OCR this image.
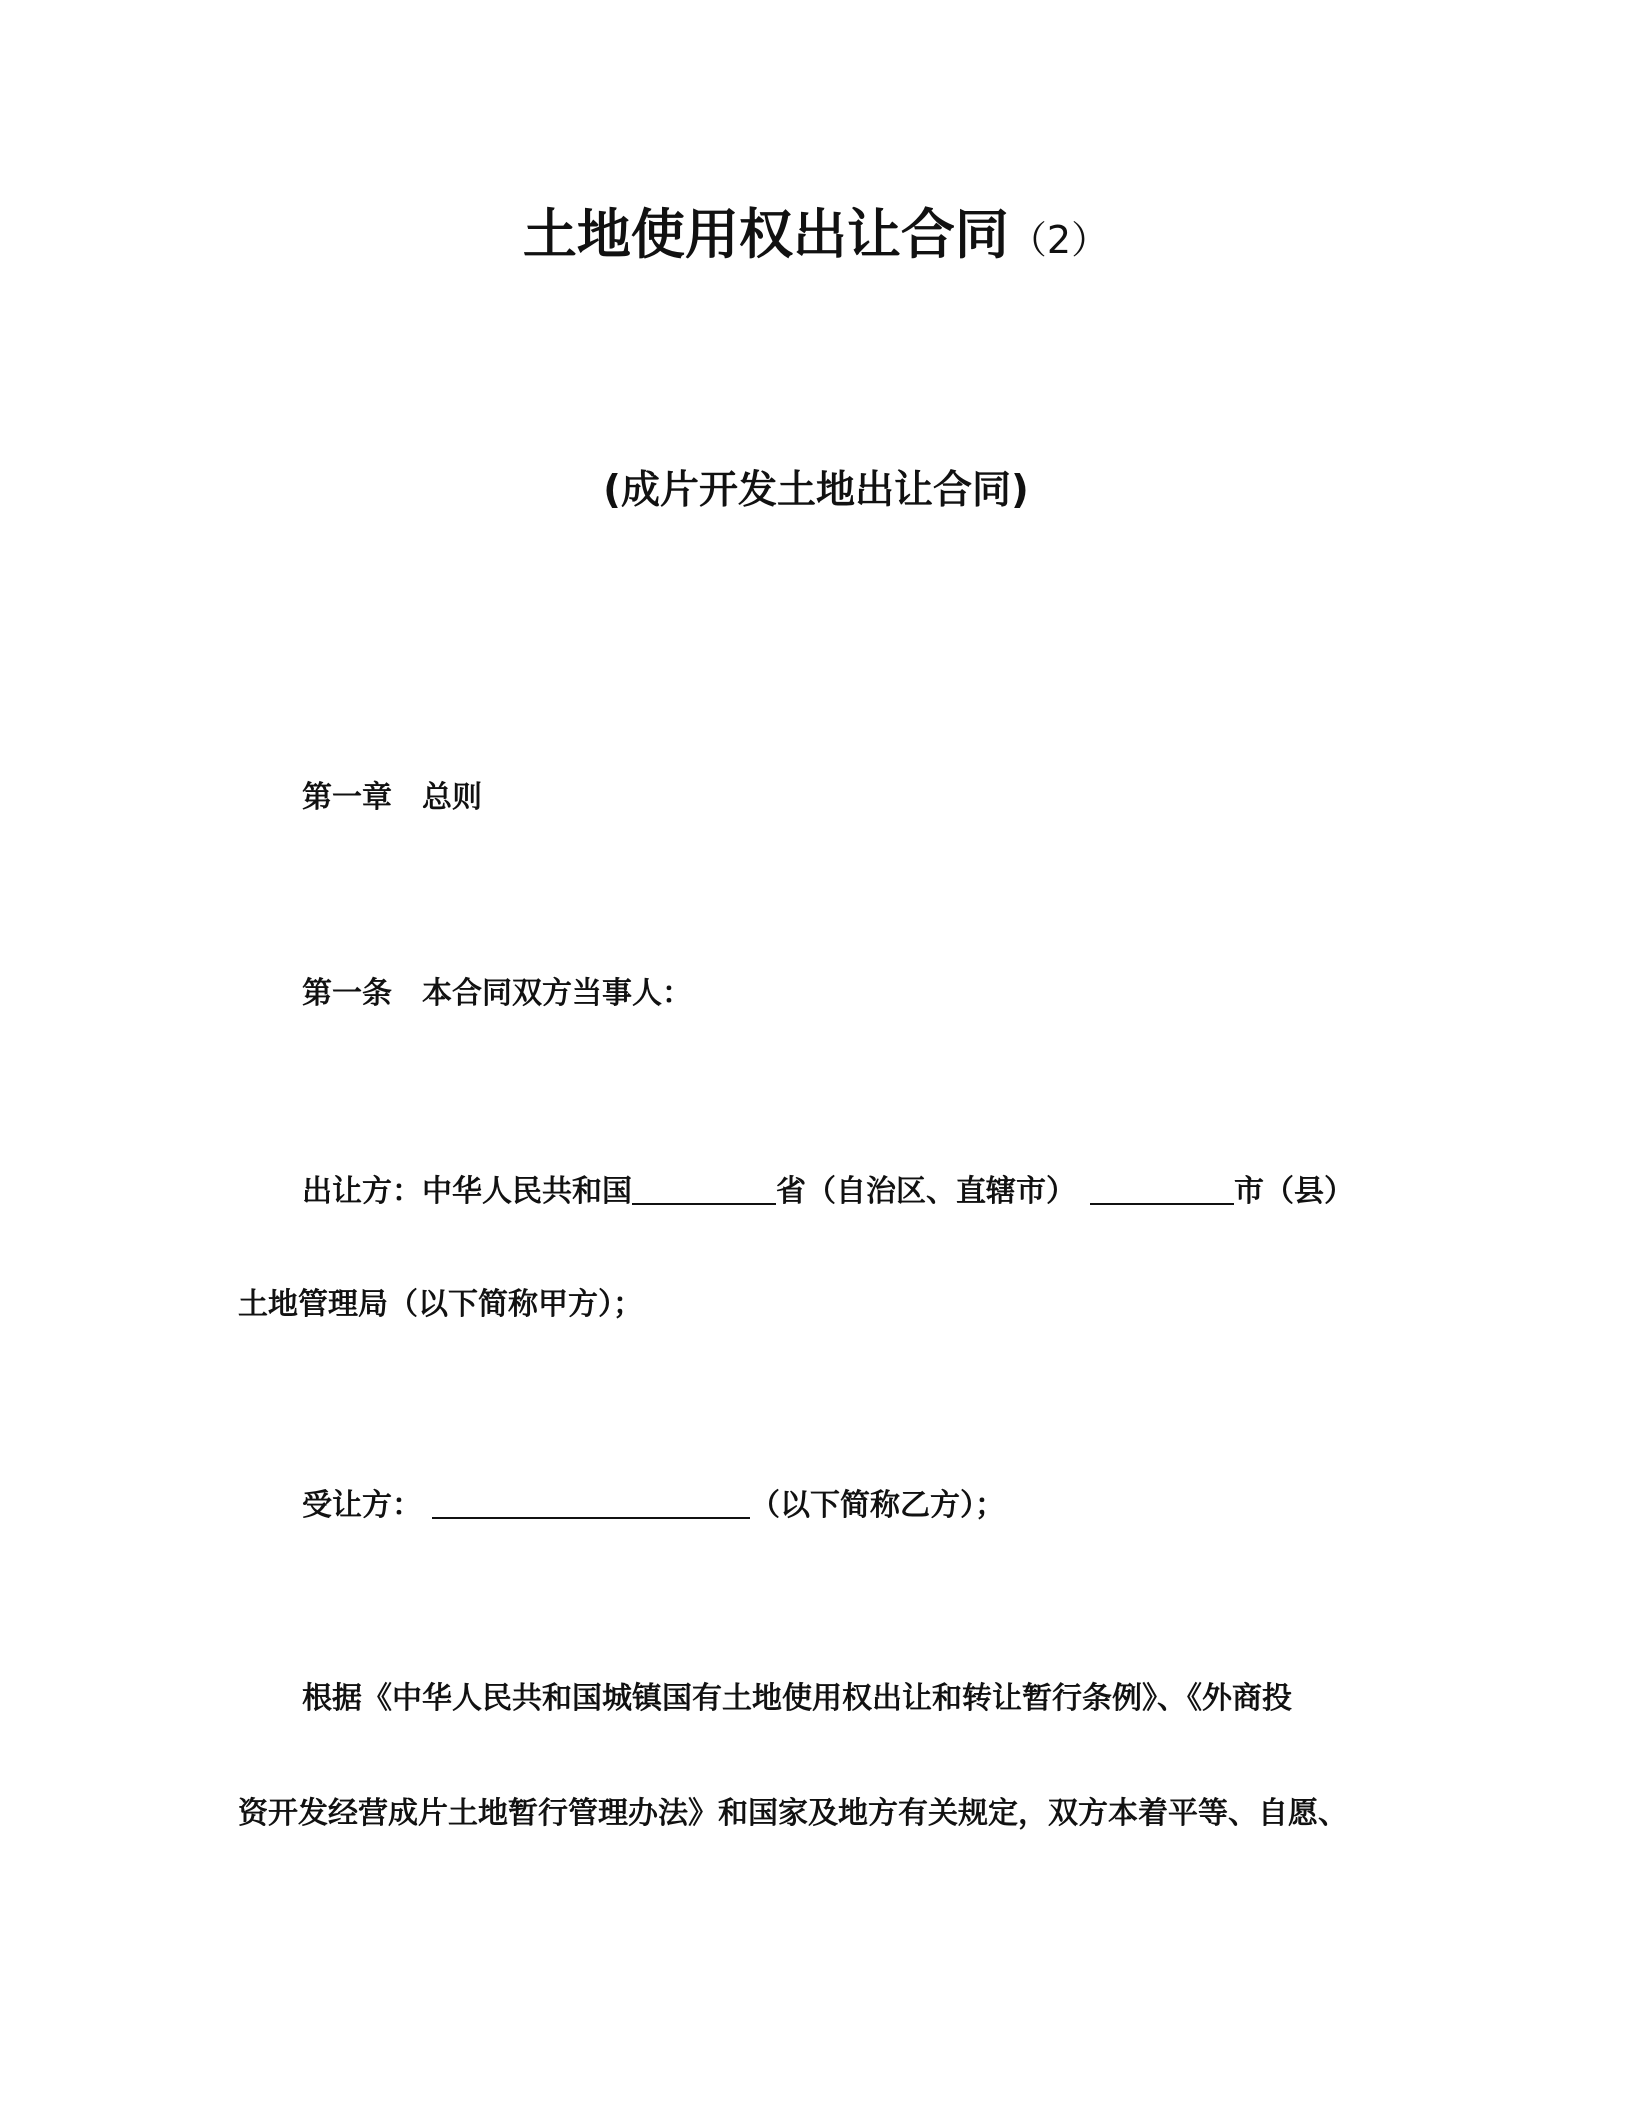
土地使用权出让合同（2）
(成片开发土地出让合同)
第一章 总则
第一条 本合同双方当事人：
出让方：中华人民共和国	省（自治区、直辖市）	市（县）
土地管理局（以下简称甲方）；
受让方：	（以下简称乙方）；
根据《中华人民共和国城镇国有土地使用权出让和转让暂行条例》、《外商投
资开发经营成片土地暂行管理办法》和国家及地方有关规定，双方本着平等、自愿、
